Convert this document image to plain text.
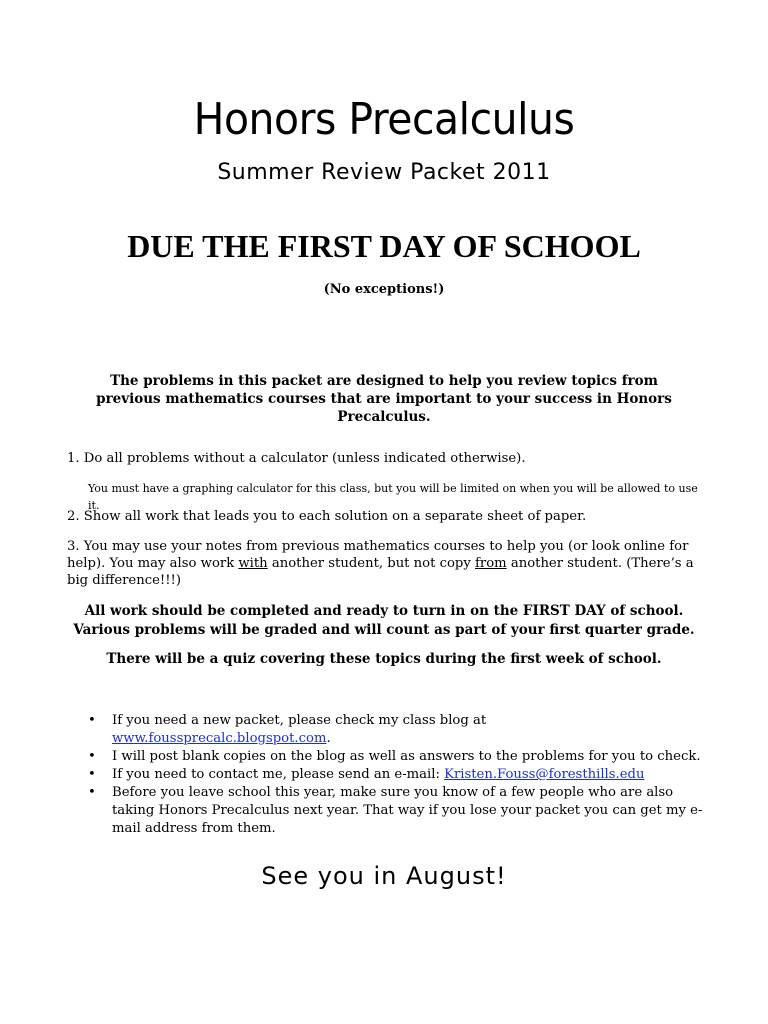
Honors Precalculus
Summer Review Packet 2011
DUE THE FIRST DAY OF SCHOOL
(No exceptions!)
The problems in this packet are designed to help you review topics from previous mathematics courses that are important to your success in Honors Precalculus.
1. Do all problems without a calculator (unless indicated otherwise).
You must have a graphing calculator for this class, but you will be limited on when you will be allowed to use it.
2. Show all work that leads you to each solution on a separate sheet of paper.
3. You may use your notes from previous mathematics courses to help you (or look online for help). You may also work with another student, but not copy from another student. (There’s a big difference!!!)
All work should be completed and ready to turn in on the FIRST DAY of school. Various problems will be graded and will count as part of your first quarter grade.
There will be a quiz covering these topics during the first week of school.
• If you need a new packet, please check my class blog at www.foussprecalc.blogspot.com.
• I will post blank copies on the blog as well as answers to the problems for you to check.
• If you need to contact me, please send an e-mail: Kristen.Fouss@foresthills.edu
• Before you leave school this year, make sure you know of a few people who are also taking Honors Precalculus next year. That way if you lose your packet you can get my e-mail address from them.
See you in August!
